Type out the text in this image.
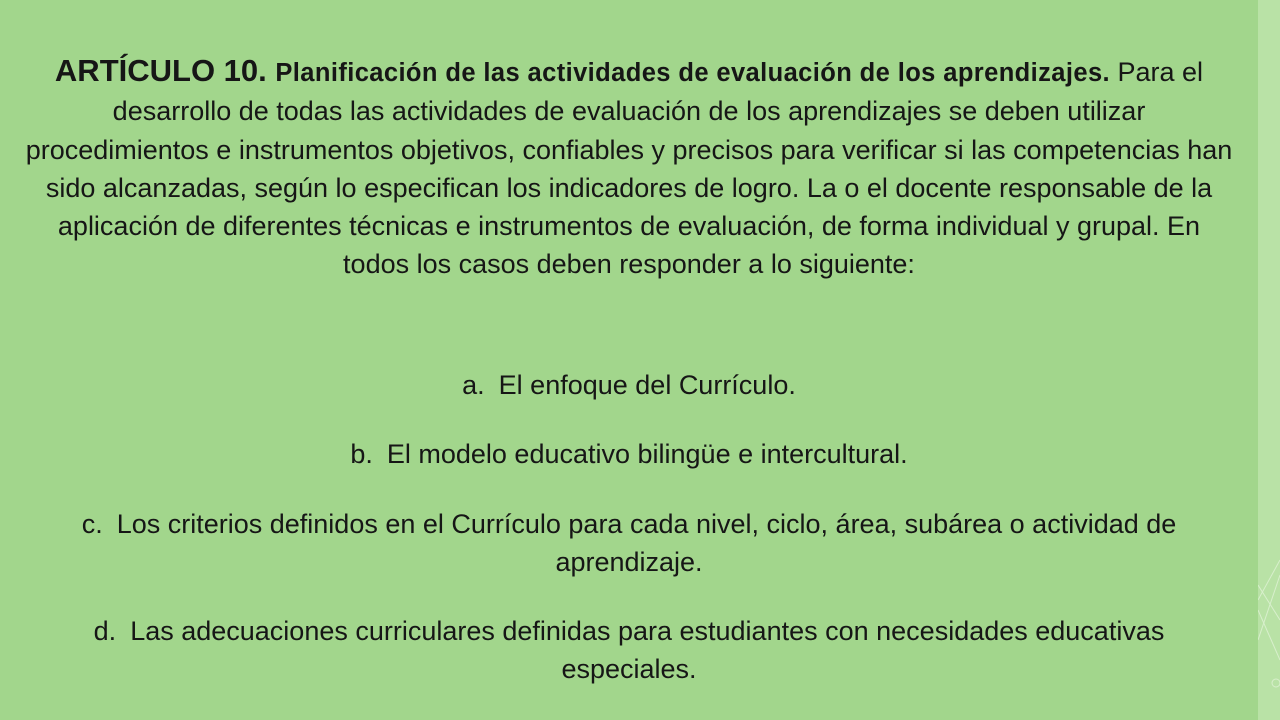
ARTÍCULO 10. Planificación de las actividades de evaluación de los aprendizajes. Para el desarrollo de todas las actividades de evaluación de los aprendizajes se deben utilizar procedimientos e instrumentos objetivos, confiables y precisos para verificar si las competencias han sido alcanzadas, según lo especifican los indicadores de logro. La o el docente responsable de la aplicación de diferentes técnicas e instrumentos de evaluación, de forma individual y grupal. En todos los casos deben responder a lo siguiente:

a. El enfoque del Currículo.
b. El modelo educativo bilingüe e intercultural.
c. Los criterios definidos en el Currículo para cada nivel, ciclo, área, subárea o actividad de aprendizaje.
d. Las adecuaciones curriculares definidas para estudiantes con necesidades educativas especiales.
